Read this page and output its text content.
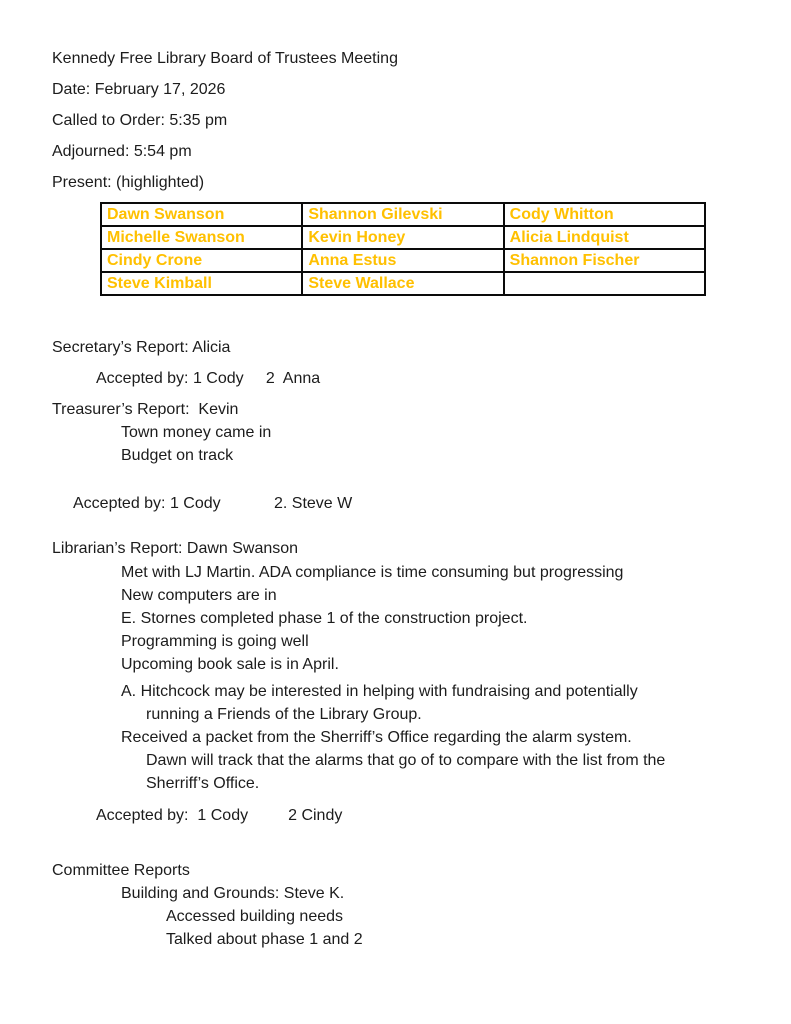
Kennedy Free Library Board of Trustees Meeting
Date: February 17, 2026
Called to Order: 5:35 pm
Adjourned: 5:54 pm
Present: (highlighted)
Dawn Swanson	Shannon Gilevski	Cody Whitton
Michelle Swanson	Kevin Honey	Alicia Lindquist
Cindy Crone	Anna Estus	Shannon Fischer
Steve Kimball	Steve Wallace	
Secretary’s Report: Alicia
Accepted by: 1 Cody     2  Anna
Treasurer’s Report:  Kevin
Town money came in
Budget on track
Accepted by: 1 Cody            2. Steve W
Librarian’s Report: Dawn Swanson
Met with LJ Martin. ADA compliance is time consuming but progressing
New computers are in
E. Stornes completed phase 1 of the construction project.
Programming is going well
Upcoming book sale is in April.
A. Hitchcock may be interested in helping with fundraising and potentially
running a Friends of the Library Group.
Received a packet from the Sherriff’s Office regarding the alarm system.
Dawn will track that the alarms that go of to compare with the list from the
Sherriff’s Office.
Accepted by:  1 Cody         2 Cindy
Committee Reports
Building and Grounds: Steve K.
Accessed building needs
Talked about phase 1 and 2
